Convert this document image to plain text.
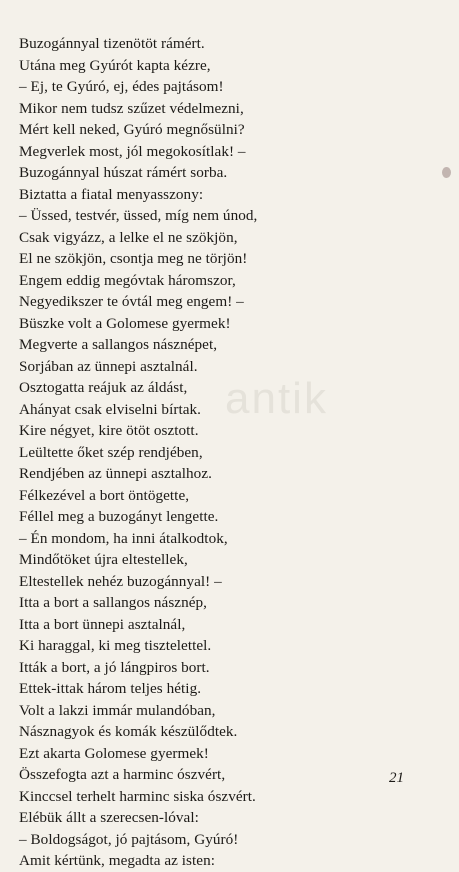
Buzogánnyal tizenötöt rámért.
Utána meg Gyúrót kapta kézre,
– Ej, te Gyúró, ej, édes pajtásom!
Mikor nem tudsz szűzet védelmezni,
Mért kell neked, Gyúró megnősülni?
Megverlek most, jól megokosítlak! –
Buzogánnyal húszat rámért sorba.
Biztatta a fiatal menyasszony:
– Üssed, testvér, üssed, míg nem únod,
Csak vigyázz, a lelke el ne szökjön,
El ne szökjön, csontja meg ne törjön!
Engem eddig megóvtak háromszor,
Negyedikszer te óvtál meg engem! –
Büszke volt a Golomese gyermek!
Megverte a sallangos násznépet,
Sorjában az ünnepi asztalnál.
Osztogatta reájuk az áldást,
Ahányat csak elviselni bírtak.
Kire négyet, kire ötöt osztott.
Leültette őket szép rendjében,
Rendjében az ünnepi asztalhoz.
Félkezével a bort öntögette,
Féllel meg a buzogányt lengette.
– Én mondom, ha inni átalkodtok,
Mindőtöket újra eltestellek,
Eltestellek nehéz buzogánnyal! –
Itta a bort a sallangos násznép,
Itta a bort ünnepi asztalnál,
Ki haraggal, ki meg tisztelettel.
Itták a bort, a jó lángpiros bort.
Ettek-ittak három teljes hétig.
Volt a lakzi immár mulandóban,
Násznagyok és komák készülődtek.
Ezt akarta Golomese gyermek!
Összefogta azt a harminc ószvért,
Kinccsel terhelt harminc siska ószvért.
Elébük állt a szerecsen-lóval:
– Boldogságot, jó pajtásom, Gyúró!
Amit kértünk, megadta az isten:
antik
21
